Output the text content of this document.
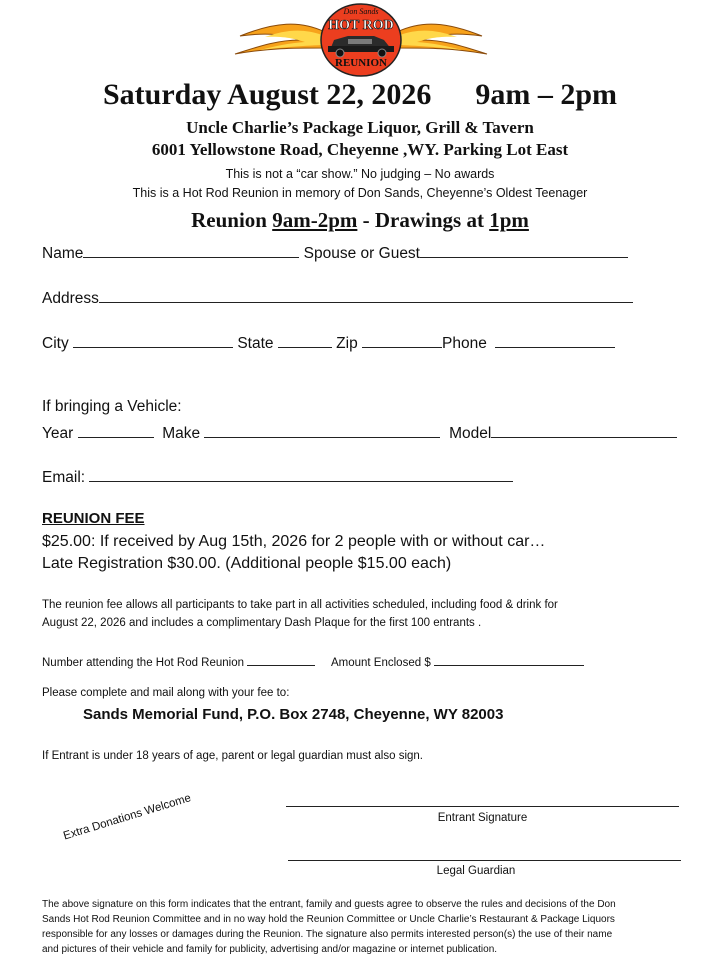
Don Sands
HOT ROD
REUNION
Saturday August 22, 2026 9am – 2pm
Uncle Charlie’s Package Liquor, Grill & Tavern
6001 Yellowstone Road, Cheyenne ,WY. Parking Lot East
This is not a “car show.” No judging – No awards
This is a Hot Rod Reunion in memory of Don Sands, Cheyenne’s Oldest Teenager
Reunion 9am-2pm - Drawings at 1pm
Name	Spouse or Guest
Address
City	State	Zip	Phone
If bringing a Vehicle:
Year	Make	Model
Email:
REUNION FEE
$25.00: If received by Aug 15th, 2026 for 2 people with or without car…
Late Registration $30.00. (Additional people $15.00 each)
The reunion fee allows all participants to take part in all activities scheduled, including food & drink for
August 22, 2026 and includes a complimentary Dash Plaque for the first 100 entrants .
Number attending the Hot Rod Reunion	Amount Enclosed $
Please complete and mail along with your fee to:
Sands Memorial Fund, P.O. Box 2748, Cheyenne, WY 82003
If Entrant is under 18 years of age, parent or legal guardian must also sign.
Entrant Signature
Extra Donations Welcome
Legal Guardian
The above signature on this form indicates that the entrant, family and guests agree to observe the rules and decisions of the Don
Sands Hot Rod Reunion Committee and in no way hold the Reunion Committee or Uncle Charlie’s Restaurant & Package Liquors
responsible for any losses or damages during the Reunion. The signature also permits interested person(s) the use of their name
and pictures of their vehicle and family for publicity, advertising and/or magazine or internet publication.
